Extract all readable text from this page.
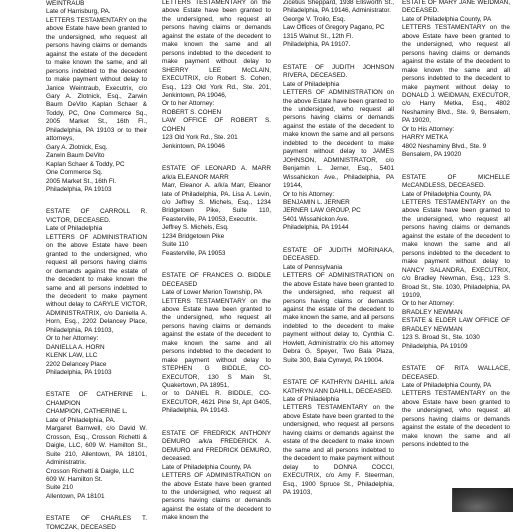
WEINTRAUB
Late of Harrisburg, PA.
LETTERS TESTAMENTARY on the above Estate have been granted to the undersigned, who request all persons having claims or demands against the estate of the decedent to make known the same, and all persons indebted to the decedent to make payment without delay to Janice Weintraub, Executrix, c/o Gary A. Zlotnick, Esq., Zarwin Baum DeVito Kaplan Schaer & Toddy, PC, One Commerce Sq., 2005 Market St., 16th Fl., Philadelphia, PA 19103 or to their attorneys,
Gary A. Zlotnick, Esq.
Zarwin Baum DeVito
Kaplan Schaer & Toddy, PC
One Commerce Sq.
2005 Market St., 16th Fl.
Philadelphia, PA 19103
ESTATE OF CARROLL R. VICTOR, DECEASED.
Late of Philadelphia
LETTERS OF ADMINISTRATION on the above Estate have been granted to the undersigned, who request all persons having claims or demands against the estate of the decedent to make known the same and all persons indebted to the decedent to make payment without delay to CARYLE VICTOR, ADMINISTRATRIX, c/o Daniella A. Horn, Esq., 2202 Delancey Place, Philadelphia, PA 19103,
Or to her Attorney:
DANIELLA A. HORN
KLENK LAW, LLC
2202 Delancey Place
Philadelphia, PA 19103
ESTATE OF CATHERINE L. CHAMPION
CHAMPION, CATHERINE L.
Late of Philadelphia, PA.
Margaret Barnwell, c/o David W. Crosson, Esq., Crosson Richetti & Daigle, LLC, 609 W. Hamilton St., Suite 210, Allentown, PA 18101, Administratrix.
Crosson Richetti & Daigle, LLC
609 W. Hamilton St.
Suite 210
Allentown, PA 18101
ESTATE OF CHARLES T. TOMCZAK, DECEASED
LETTERS TESTAMENTARY on the above Estate have been granted to the undersigned, who request all persons having claims or demands against the estate of the decedent to make known the same and all persons indebted to the decedent to make payment without delay to SHERRY LEE McCLAIN, EXECUTRIX, c/o Robert S. Cohen, Esq., 123 Old York Rd., Ste. 201, Jenkintown, PA 19046,
Or to her Attorney:
ROBERT S. COHEN
LAW OFFICE OF ROBERT S. COHEN
123 Old York Rd., Ste. 201
Jenkintown, PA 19046
ESTATE OF LEONARD A. MARR a/k/a ELEANOR MARR
Marr, Eleanor A. a/k/a Marr, Eleanor late of Philadelphia, PA. Lisa A. Levin, c/o Jeffrey S. Michels, Esq., 1234 Bridgetown Pike, Suite 110, Feasterville, PA 19053, Executrix.
Jeffrey S. Michels, Esq.
1234 Bridgetown Pike
Suite 110
Feasterville, PA 19053
ESTATE OF FRANCES O. BIDDLE DECEASED
Late of Lower Merion Township, PA
LETTERS TESTAMENTARY on the above Estate have been granted to the undersigned, who request all persons having claims or demands against the estate of the decedent to make known the same and all persons indebted to the decedent to make payment without delay to STEPHEN G BIDDLE, CO-EXECUTOR, 130 S Main St, Quakertown, PA 18951,
or to DANIEL R. BIDDLE, CO-EXECUTOR, 4621 Pine St, Apt G405, Philadelphia, PA 19143.
ESTATE OF FREDRICK ANTHONY DEMURO a/k/a FREDERICK A. DEMURO and FREDRICK DEMURO, deceased.
Late of Philadelphia County, PA
LETTERS OF ADMINISTRATION on the above Estate have been granted to the undersigned, who request all persons having claims or demands against the estate of the decedent to make known the
Zicetius Sheppard, 1938 Ellsworth St., Philadelphia, PA 19146, Administrator.
George V. Troilo, Esq.
Law Offices of Gregory Pagano, PC
1315 Walnut St., 12th Fl.
Philadelphia, PA 19107.
ESTATE OF JUDITH JOHNSON RIVERA, DECEASED.
Late of Philadelphia
LETTERS OF ADMINISTRATION on the above Estate have been granted to the undersigned, who request all persons having claims or demands against the estate of the decedent to make known the same and all persons indebted to the decedent to make payment without delay to JAMES JOHNSON, ADMINISTRATOR, c/o Benjamin L. Jerner, Esq., 5401 Wissahickon Ave., Philadelphia, PA 19144,
Or to his Attorney:
BENJAMIN L. JERNER
JERNER LAW GROUP, PC
5401 Wissahickon Ave.
Philadelphia, PA 19144
ESTATE OF JUDITH MORINAKA, DECEASED.
Late of Pennsylvania
LETTERS OF ADMINISTRATION on the above Estate have been granted to the undersigned, who request all persons having claims or demands against the estate of the decedent to make known the same, and all persons indebted to the decedent to make payment without delay to, Cynthia C. Howlett, Administratrix c/o his attorney Debra G. Speyer, Two Bala Plaza, Suite 300, Bala Cynwyd, PA 19004.
ESTATE OF KATHRYN DAHILL a/k/a KATHRYN ANN DAHILL, DECEASED.
Late of Philadelphia
LETTERS TESTAMENTARY on the above Estate have been granted to the undersigned, who request all persons having claims or demands against the estate of the decedent to make known the same and all persons indebted to the decedent to make payment without delay to DONNA COCCI, EXECUTRIX, c/o Amy F. Steerman, Esq., 1900 Spruce St., Philadelphia, PA 19103,
ESTATE OF MARY JANE WEIDMAN, DECEASED.
Late of Philadelphia County, PA
LETTERS TESTAMENTARY on the above Estate have been granted to the undersigned, who request all persons having claims or demands against the estate of the decedent to make known the same and all persons indebted to the decedent to make payment without delay to DONALD J. WEIDMAN, EXECUTOR, c/o Harry Metka, Esq., 4802 Neshaminy Blvd., Ste. 9, Bensalem, PA 19020,
Or to His Attorney:
HARRY METKA
4802 Neshaminy Blvd., Ste. 9
Bensalem, PA 19020
ESTATE OF MICHELLE McCANDLESS, DECEASED.
Late of Philadelphia County, PA
LETTERS TESTAMENTARY on the above Estate have been granted to the undersigned, who request all persons having claims or demands against the estate of the decedent to make known the same and all persons indebted to the decedent to make payment without delay to NANCY SALANDRA, EXECUTRIX, c/o Bradley Newman, Esq., 123 S. Broad St., Ste. 1030, Philadelphia, PA 19109,
Or to her Attorney:
BRADLEY NEWMAN
ESTATE & ELDER LAW OFFICE OF BRADLEY NEWMAN
123 S. Broad St., Ste. 1030
Philadelphia, PA 19109
ESTATE OF RITA WALLACE, DECEASED.
Late of Philadelphia County, PA
LETTERS TESTAMENTARY on the above Estate have been granted to the undersigned, who request all persons having claims or demands against the estate of the decedent to make known the same and all persons indebted to the
